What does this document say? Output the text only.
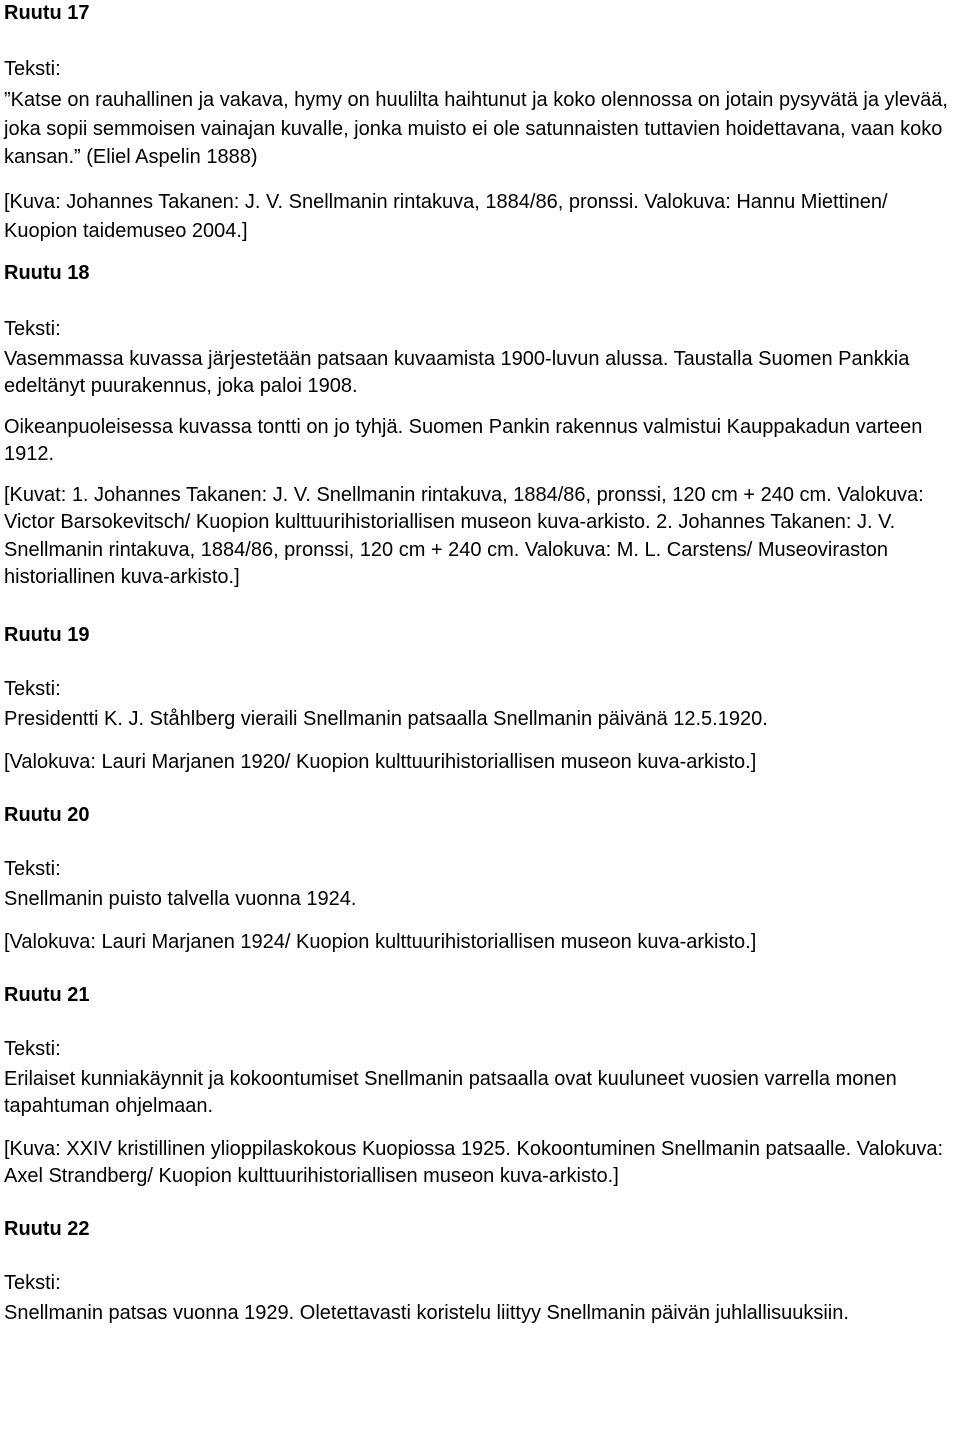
Ruutu 17
Teksti:

”Katse on rauhallinen ja vakava, hymy on huulilta haihtunut ja koko olennossa on jotain pysyvätä ja ylevää, joka sopii semmoisen vainajan kuvalle, jonka muisto ei ole satunnaisten tuttavien hoidettavana, vaan koko kansan.” (Eliel Aspelin 1888)

[Kuva: Johannes Takanen: J. V. Snellmanin rintakuva, 1884/86, pronssi. Valokuva: Hannu Miettinen/ Kuopion taidemuseo 2004.]

Ruutu 18
Teksti:

Vasemmassa kuvassa järjestetään patsaan kuvaamista 1900-luvun alussa. Taustalla Suomen Pankkia edeltänyt puurakennus, joka paloi 1908.

Oikeanpuoleisessa kuvassa tontti on jo tyhjä. Suomen Pankin rakennus valmistui Kauppakadun varteen 1912.

[Kuvat: 1. Johannes Takanen: J. V. Snellmanin rintakuva, 1884/86, pronssi, 120 cm + 240 cm. Valokuva: Victor Barsokevitsch/ Kuopion kulttuurihistoriallisen museon kuva-arkisto. 2. Johannes Takanen: J. V. Snellmanin rintakuva, 1884/86, pronssi, 120 cm + 240 cm. Valokuva: M. L. Carstens/ Museoviraston historiallinen kuva-arkisto.]

Ruutu 19
Teksti:

Presidentti K. J. Ståhlberg vieraili Snellmanin patsaalla Snellmanin päivänä 12.5.1920.

[Valokuva: Lauri Marjanen 1920/ Kuopion kulttuurihistoriallisen museon kuva-arkisto.]

Ruutu 20
Teksti:

Snellmanin puisto talvella vuonna 1924.

[Valokuva: Lauri Marjanen 1924/ Kuopion kulttuurihistoriallisen museon kuva-arkisto.]

Ruutu 21
Teksti:

Erilaiset kunniakäynnit ja kokoontumiset Snellmanin patsaalla ovat kuuluneet vuosien varrella monen tapahtuman ohjelmaan.

[Kuva: XXIV kristillinen ylioppilaskokous Kuopiossa 1925. Kokoontuminen Snellmanin patsaalle. Valokuva: Axel Strandberg/ Kuopion kulttuurihistoriallisen museon kuva-arkisto.]

Ruutu 22
Teksti:

Snellmanin patsas vuonna 1929. Oletettavasti koristelu liittyy Snellmanin päivän juhlallisuuksiin.
